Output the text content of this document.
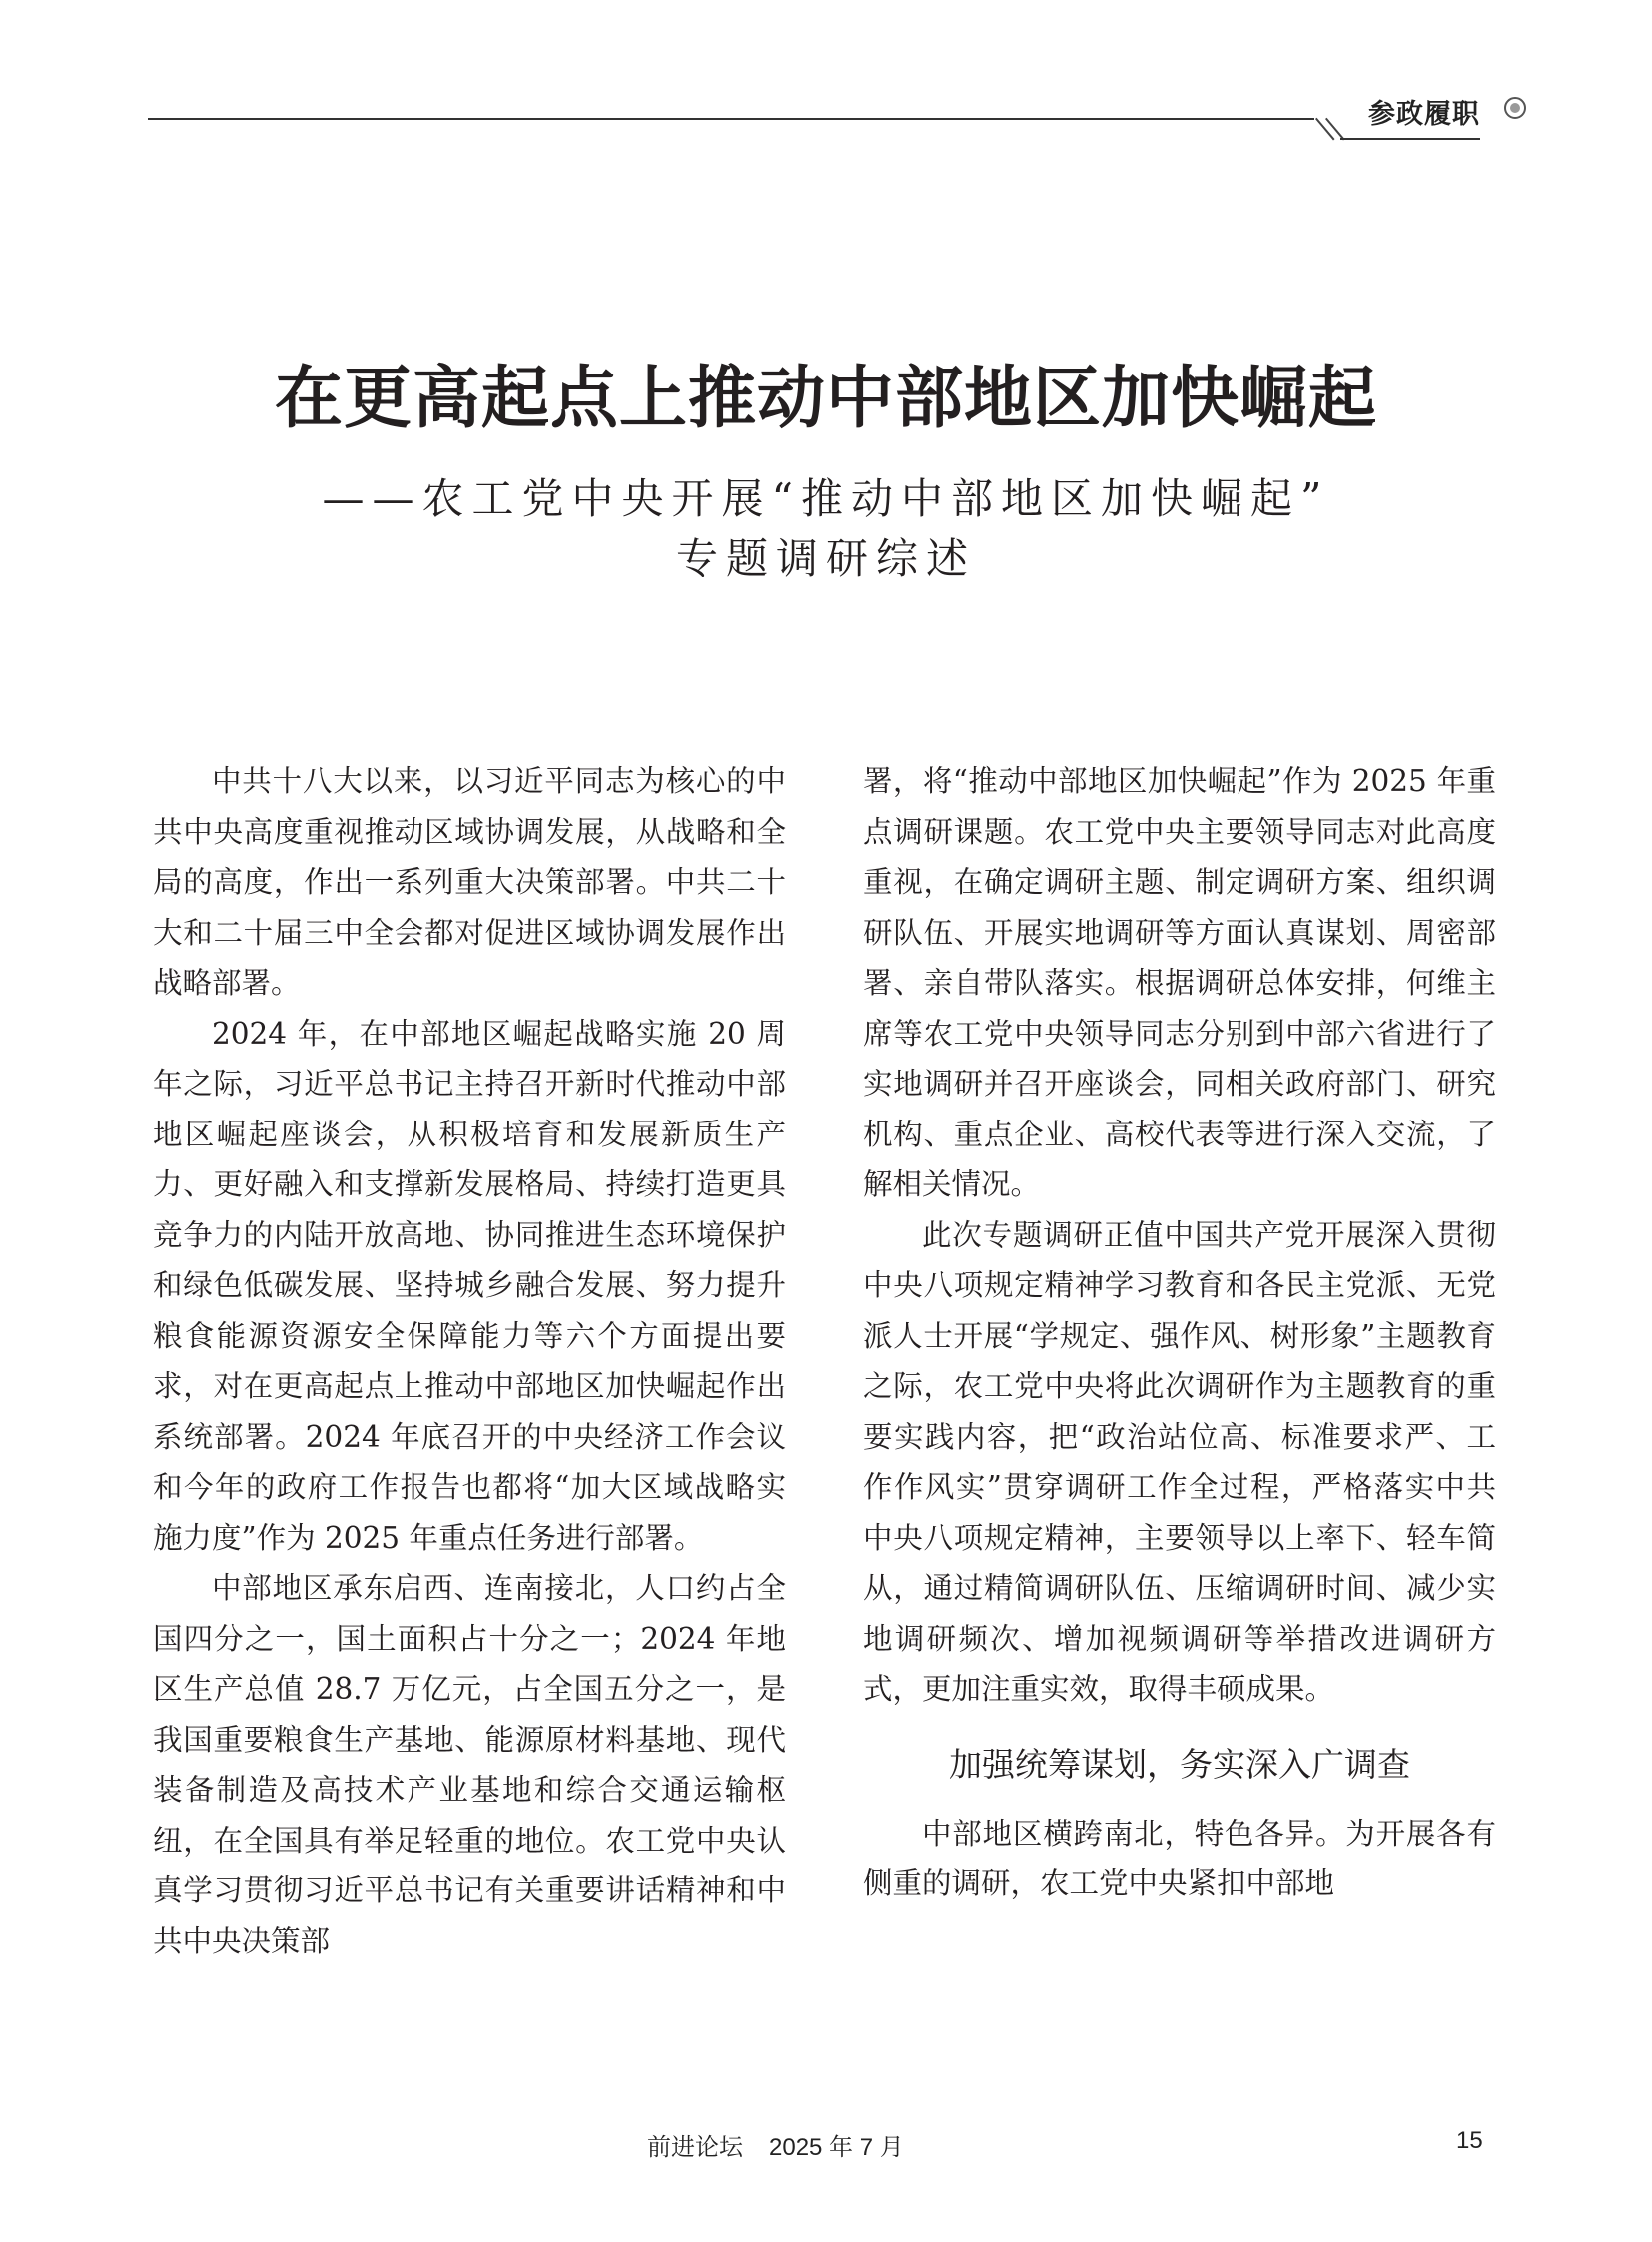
参政履职
在更高起点上推动中部地区加快崛起
——农工党中央开展“推动中部地区加快崛起”
专题调研综述

中共十八大以来，以习近平同志为核心的中共中央高度重视推动区域协调发展，从战略和全局的高度，作出一系列重大决策部署。中共二十大和二十届三中全会都对促进区域协调发展作出战略部署。

2024 年，在中部地区崛起战略实施 20 周年之际，习近平总书记主持召开新时代推动中部地区崛起座谈会，从积极培育和发展新质生产力、更好融入和支撑新发展格局、持续打造更具竞争力的内陆开放高地、协同推进生态环境保护和绿色低碳发展、坚持城乡融合发展、努力提升粮食能源资源安全保障能力等六个方面提出要求，对在更高起点上推动中部地区加快崛起作出系统部署。2024 年底召开的中央经济工作会议和今年的政府工作报告也都将“加大区域战略实施力度”作为 2025 年重点任务进行部署。

中部地区承东启西、连南接北，人口约占全国四分之一，国土面积占十分之一；2024 年地区生产总值 28.7 万亿元，占全国五分之一，是我国重要粮食生产基地、能源原材料基地、现代装备制造及高技术产业基地和综合交通运输枢纽，在全国具有举足轻重的地位。农工党中央认真学习贯彻习近平总书记有关重要讲话精神和中共中央决策部

署，将“推动中部地区加快崛起”作为 2025 年重点调研课题。农工党中央主要领导同志对此高度重视，在确定调研主题、制定调研方案、组织调研队伍、开展实地调研等方面认真谋划、周密部署、亲自带队落实。根据调研总体安排，何维主席等农工党中央领导同志分别到中部六省进行了实地调研并召开座谈会，同相关政府部门、研究机构、重点企业、高校代表等进行深入交流，了解相关情况。

此次专题调研正值中国共产党开展深入贯彻中央八项规定精神学习教育和各民主党派、无党派人士开展“学规定、强作风、树形象”主题教育之际，农工党中央将此次调研作为主题教育的重要实践内容，把“政治站位高、标准要求严、工作作风实”贯穿调研工作全过程，严格落实中共中央八项规定精神，主要领导以上率下、轻车简从，通过精简调研队伍、压缩调研时间、减少实地调研频次、增加视频调研等举措改进调研方式，更加注重实效，取得丰硕成果。

加强统筹谋划，务实深入广调查

中部地区横跨南北，特色各异。为开展各有侧重的调研，农工党中央紧扣中部地

前进论坛 2025 年 7 月	15
